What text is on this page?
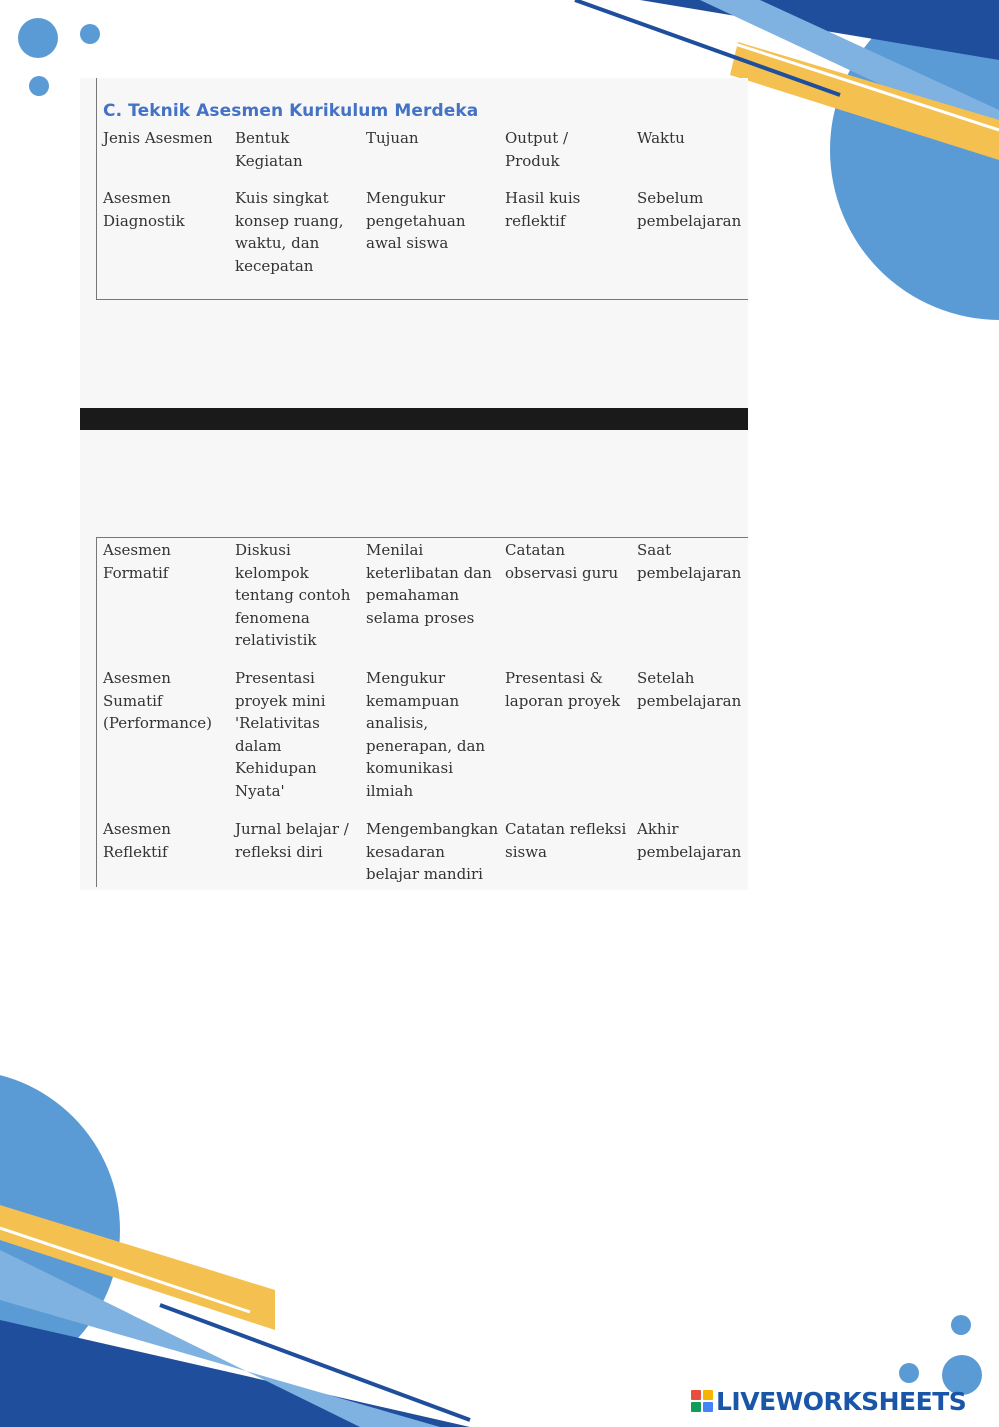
C. Teknik Asesmen Kurikulum Merdeka
Jenis Asesmen Bentuk
Kegiatan
Tujuan	Output /
Produk
Waktu
Asesmen
Diagnostik
Kuis singkat
konsep ruang,
waktu, dan
kecepatan
Mengukur
pengetahuan
awal siswa
Hasil kuis
reflektif
Sebelum
pembelajaran
Asesmen
Formatif
Diskusi
kelompok
tentang contoh
fenomena
relativistik
Menilai
keterlibatan dan
pemahaman
selama proses
Catatan
observasi guru
Saat
pembelajaran
Asesmen
Sumatif
(Performance)
Presentasi
proyek mini
'Relativitas
dalam
Kehidupan
Nyata'
Mengukur
kemampuan
analisis,
penerapan, dan
komunikasi
ilmiah
Presentasi &
laporan proyek
Setelah
pembelajaran
Asesmen
Reflektif
Jurnal belajar /
refleksi diri
Mengembangkan
kesadaran
belajar mandiri
Catatan refleksi
siswa
Akhir
pembelajaran
LIVEWORKSHEETS
